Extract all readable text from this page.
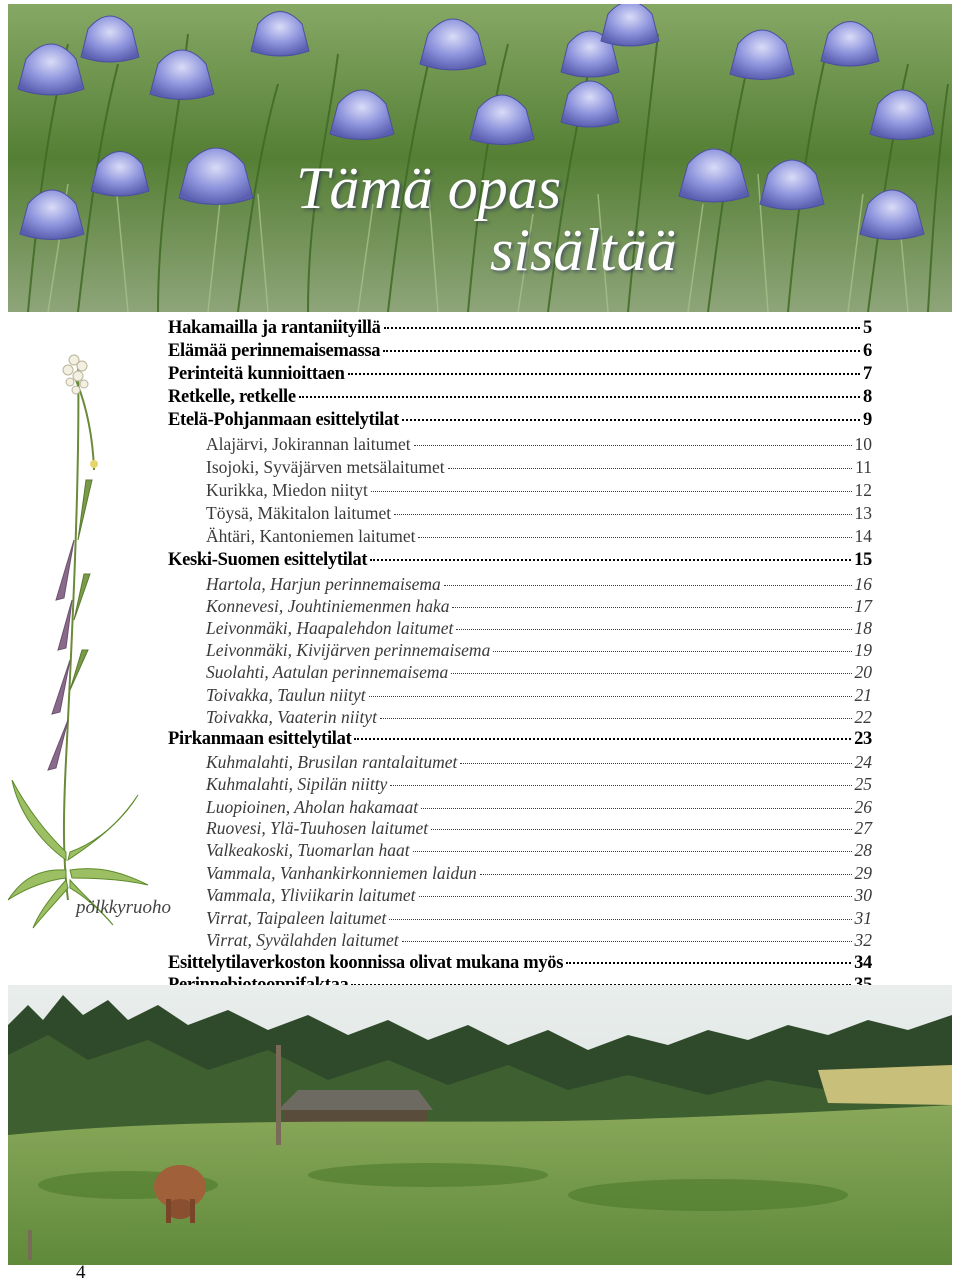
Tämä opas
sisältää
pölkkyruoho
Hakamailla ja rantaniityillä	5
Elämää perinnemaisemassa	6
Perinteitä kunnioittaen	7
Retkelle, retkelle	8
Etelä-Pohjanmaan esittelytilat	9
Alajärvi, Jokirannan laitumet	10
Isojoki, Syväjärven metsälaitumet	11
Kurikka, Miedon niityt	12
Töysä, Mäkitalon laitumet	13
Ähtäri, Kantoniemen laitumet	14
Keski-Suomen esittelytilat	15
Hartola, Harjun perinnemaisema	16
Konnevesi, Jouhtiniemenmen haka	17
Leivonmäki, Haapalehdon laitumet	18
Leivonmäki, Kivijärven perinnemaisema	19
Suolahti, Aatulan perinnemaisema	20
Toivakka, Taulun niityt	21
Toivakka, Vaaterin niityt	22
Pirkanmaan esittelytilat	23
Kuhmalahti, Brusilan rantalaitumet	24
Kuhmalahti, Sipilän niitty	25
Luopioinen, Aholan hakamaat	26
Ruovesi, Ylä-Tuuhosen laitumet	27
Valkeakoski, Tuomarlan haat	28
Vammala, Vanhankirkonniemen laidun	29
Vammala, Yliviikarin laitumet	30
Virrat, Taipaleen laitumet	31
Virrat, Syvälahden laitumet	32
Esittelytilaverkoston koonnissa olivat mukana myös	34
4
